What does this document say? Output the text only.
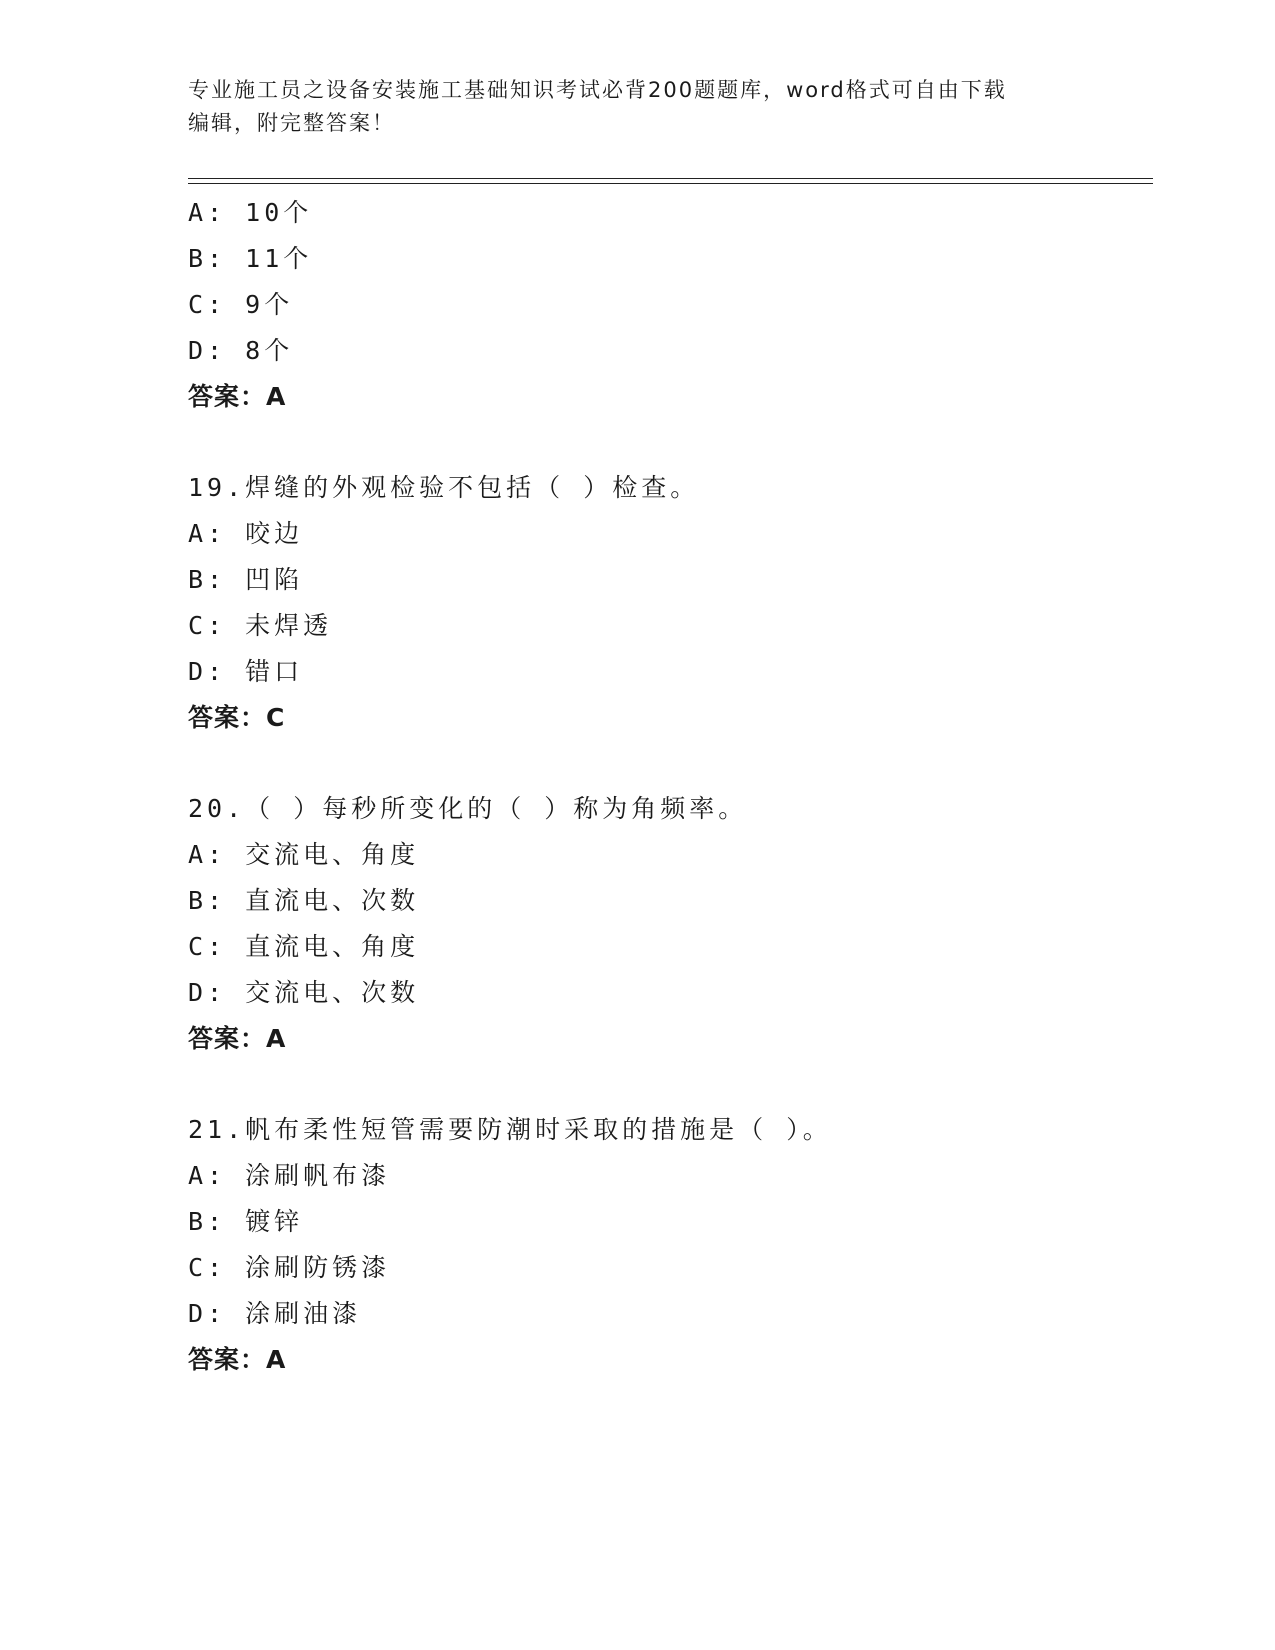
专业施工员之设备安装施工基础知识考试必背200题题库，word格式可自由下载
编辑，附完整答案！
A: 10个
B: 11个
C: 9个
D: 8个
答案：A
19.焊缝的外观检验不包括（ ）检查。
A: 咬边
B: 凹陷
C: 未焊透
D: 错口
答案：C
20.（ ）每秒所变化的（ ）称为角频率。
A: 交流电、角度
B: 直流电、次数
C: 直流电、角度
D: 交流电、次数
答案：A
21.帆布柔性短管需要防潮时采取的措施是（ ）。
A: 涂刷帆布漆
B: 镀锌
C: 涂刷防锈漆
D: 涂刷油漆
答案：A
